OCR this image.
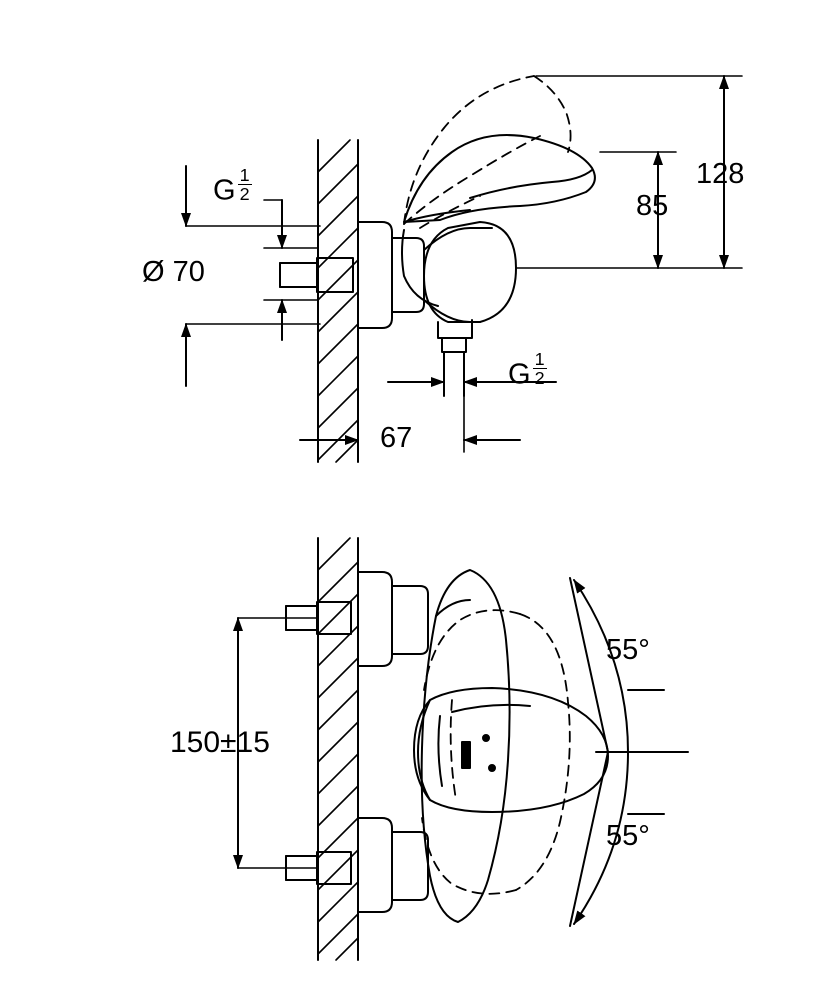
G $\frac{1}{2}$
Ø 70
128
85
67
G $\frac{1}{2}$
150±15
55°
55°
